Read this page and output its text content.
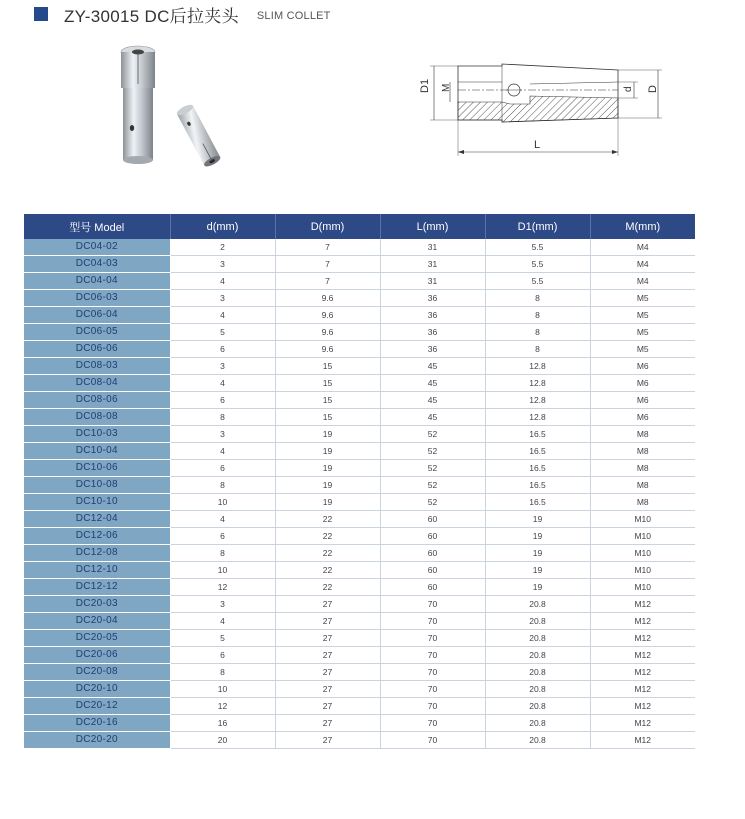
ZY-30015 DC后拉夹头 SLIM COLLET
D1 M	d D
L
型号 Model	d(mm)	D(mm)	L(mm)	D1(mm)	M(mm)
DC04-02	2	7	31	5.5	M4
DC04-03	3	7	31	5.5	M4
DC04-04	4	7	31	5.5	M4
DC06-03	3	9.6	36	8	M5
DC06-04	4	9.6	36	8	M5
DC06-05	5	9.6	36	8	M5
DC06-06	6	9.6	36	8	M5
DC08-03	3	15	45	12.8	M6
DC08-04	4	15	45	12.8	M6
DC08-06	6	15	45	12.8	M6
DC08-08	8	15	45	12.8	M6
DC10-03	3	19	52	16.5	M8
DC10-04	4	19	52	16.5	M8
DC10-06	6	19	52	16.5	M8
DC10-08	8	19	52	16.5	M8
DC10-10	10	19	52	16.5	M8
DC12-04	4	22	60	19	M10
DC12-06	6	22	60	19	M10
DC12-08	8	22	60	19	M10
DC12-10	10	22	60	19	M10
DC12-12	12	22	60	19	M10
DC20-03	3	27	70	20.8	M12
DC20-04	4	27	70	20.8	M12
DC20-05	5	27	70	20.8	M12
DC20-06	6	27	70	20.8	M12
DC20-08	8	27	70	20.8	M12
DC20-10	10	27	70	20.8	M12
DC20-12	12	27	70	20.8	M12
DC20-16	16	27	70	20.8	M12
DC20-20	20	27	70	20.8	M12
